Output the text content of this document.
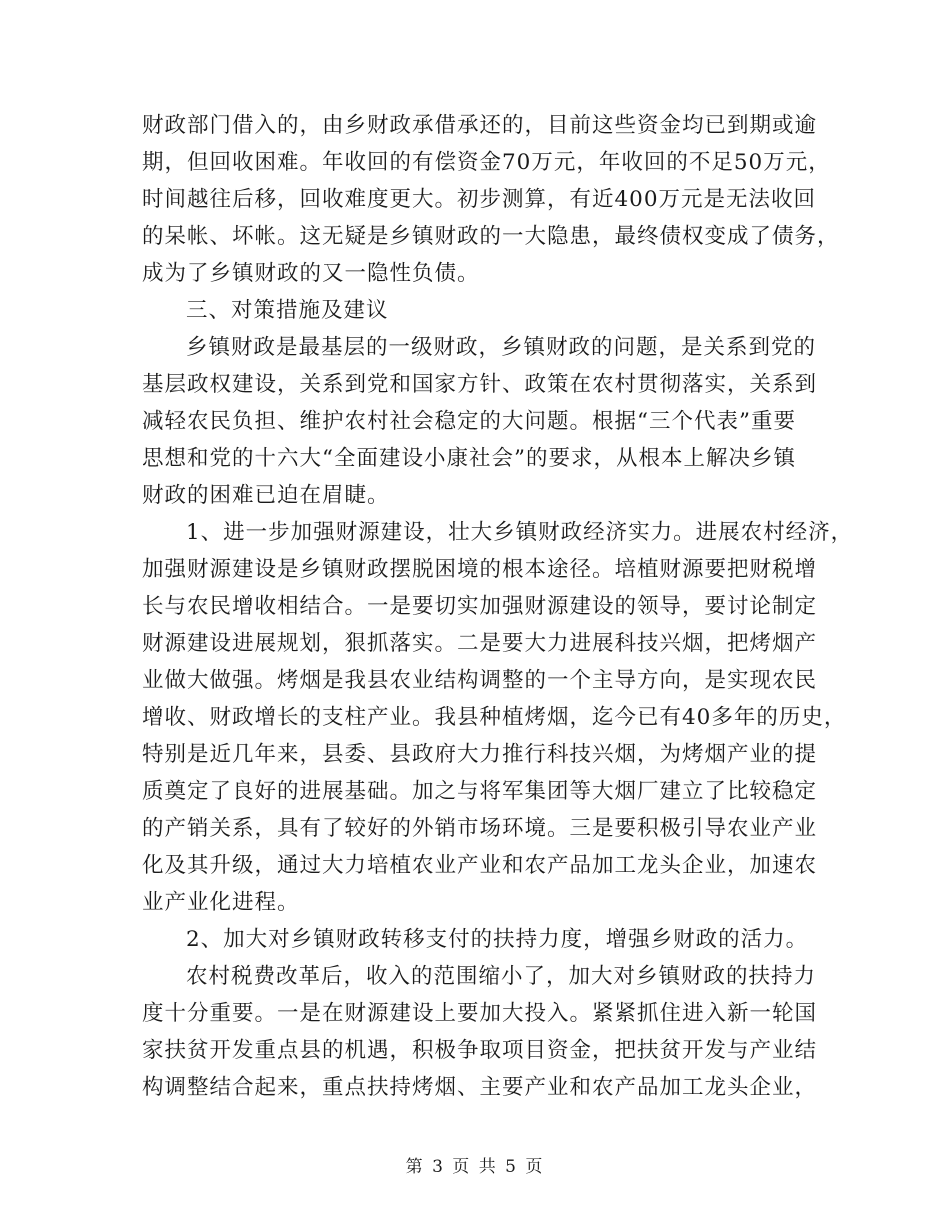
财政部门借入的，由乡财政承借承还的，目前这些资金均已到期或逾
期，但回收困难。年收回的有偿资金70万元，年收回的不足50万元，
时间越往后移，回收难度更大。初步测算，有近400万元是无法收回
的呆帐、坏帐。这无疑是乡镇财政的一大隐患，最终债权变成了债务，
成为了乡镇财政的又一隐性负债。
三、对策措施及建议
乡镇财政是最基层的一级财政，乡镇财政的问题，是关系到党的
基层政权建设，关系到党和国家方针、政策在农村贯彻落实，关系到
减轻农民负担、维护农村社会稳定的大问题。根据“三个代表”重要
思想和党的十六大“全面建设小康社会”的要求，从根本上解决乡镇
财政的困难已迫在眉睫。
1、进一步加强财源建设，壮大乡镇财政经济实力。进展农村经济，
加强财源建设是乡镇财政摆脱困境的根本途径。培植财源要把财税增
长与农民增收相结合。一是要切实加强财源建设的领导，要讨论制定
财源建设进展规划，狠抓落实。二是要大力进展科技兴烟，把烤烟产
业做大做强。烤烟是我县农业结构调整的一个主导方向，是实现农民
增收、财政增长的支柱产业。我县种植烤烟，迄今已有40多年的历史，
特别是近几年来，县委、县政府大力推行科技兴烟，为烤烟产业的提
质奠定了良好的进展基础。加之与将军集团等大烟厂建立了比较稳定
的产销关系，具有了较好的外销市场环境。三是要积极引导农业产业
化及其升级，通过大力培植农业产业和农产品加工龙头企业，加速农
业产业化进程。
2、加大对乡镇财政转移支付的扶持力度，增强乡财政的活力。
农村税费改革后，收入的范围缩小了，加大对乡镇财政的扶持力
度十分重要。一是在财源建设上要加大投入。紧紧抓住进入新一轮国
家扶贫开发重点县的机遇，积极争取项目资金，把扶贫开发与产业结
构调整结合起来，重点扶持烤烟、主要产业和农产品加工龙头企业，
第 3 页 共 5 页
